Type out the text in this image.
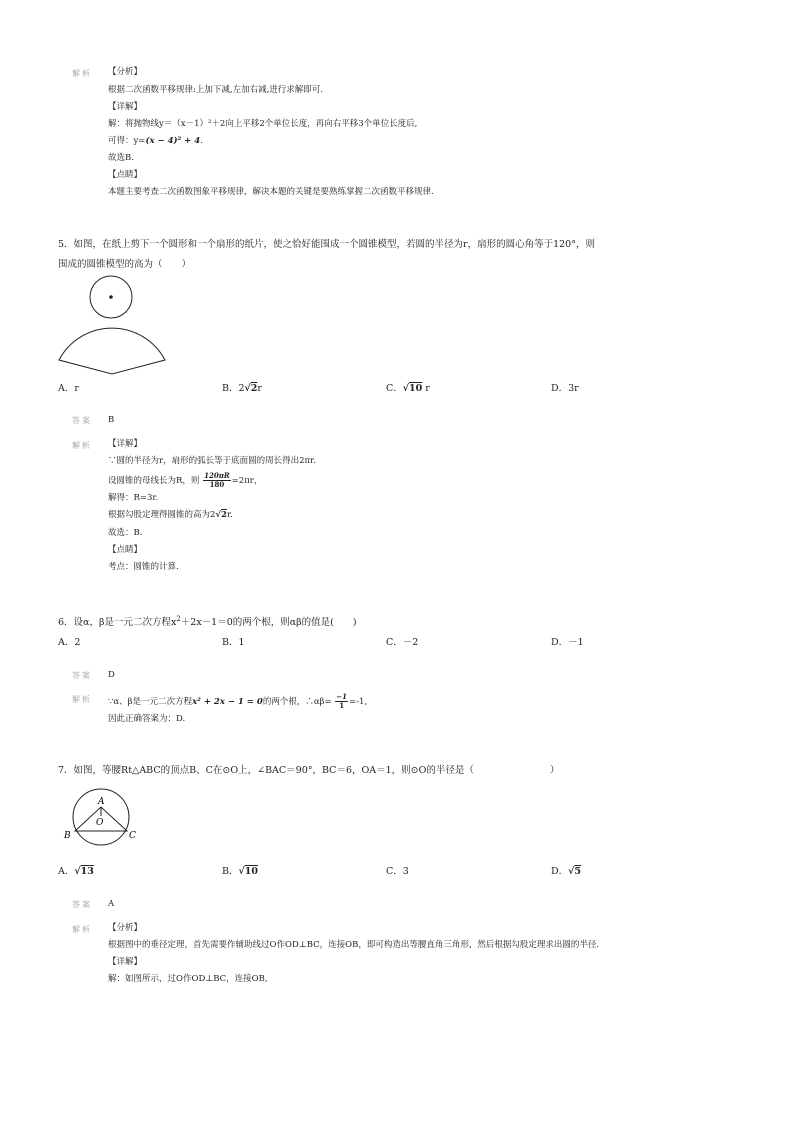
解析 【分析】
根据二次函数平移规律:上加下减,左加右减,进行求解即可.
【详解】
解：将抛物线y＝（x－1）²＋2向上平移2个单位长度，再向右平移3个单位长度后,
可得：y=(x − 4)² + 4.
故选B.
【点睛】
本题主要考查二次函数图象平移规律，解决本题的关键是要熟练掌握二次函数平移规律.
5．如图，在纸上剪下一个圆形和一个扇形的纸片，使之恰好能围成一个圆锥模型，若圆的半径为r，扇形的圆心角等于120°，则
围成的圆锥模型的高为（　　）
A．r	B．2√2r	C．√10 r	D．3r
答案 B
解析 【详解】
∵圆的半径为r，扇形的弧长等于底面圆的周长得出2πr.
设圆锥的母线长为R，则 $\frac{120\pi R}{180} =2\pi r$，
解得：R=3r.
根据勾股定理得圆锥的高为2√2r.
故选：B.
【点睛】
考点：圆锥的计算.
6．设α，β是一元二次方程$x^2+2x-1=0$的两个根，则αβ的值是(　　)
A．2	B．1	C．－2	D．－1
答案 D
解析 ∵α、β是一元二次方程x² + 2x − 1 = 0的两个根，∴αβ= $\frac{-1}{1} =-1$,
因此正确答案为：D.
7．如图，等腰Rt△ABC的顶点B、C在⊙O上，∠BAC＝90°，BC＝6，OA＝1，则⊙O的半径是（　　　　　　　　）
A
O
B	C
A．√13	B．√10	C．3	D．√5
答案 A
解析 【分析】
根据图中的垂径定理，首先需要作辅助线过O作OD⊥BC，连接OB，即可构造出等腰直角三角形，然后根据勾股定理求出圆的半径.
【详解】
解：如图所示，过O作OD⊥BC，连接OB,
